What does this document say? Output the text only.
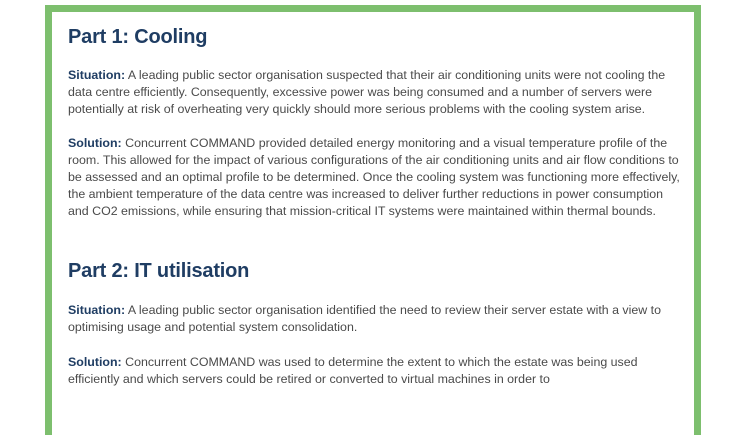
Part 1: Cooling

Situation: A leading public sector organisation suspected that their air conditioning units were not cooling the data centre efficiently. Consequently, excessive power was being consumed and a number of servers were potentially at risk of overheating very quickly should more serious problems with the cooling system arise.

Solution: Concurrent COMMAND provided detailed energy monitoring and a visual temperature profile of the room. This allowed for the impact of various configurations of the air conditioning units and air flow conditions to be assessed and an optimal profile to be determined. Once the cooling system was functioning more effectively, the ambient temperature of the data centre was increased to deliver further reductions in power consumption and CO2 emissions, while ensuring that mission-critical IT systems were maintained within thermal bounds.

Part 2: IT utilisation

Situation: A leading public sector organisation identified the need to review their server estate with a view to optimising usage and potential system consolidation.

Solution: Concurrent COMMAND was used to determine the extent to which the estate was being used efficiently and which servers could be retired or converted to virtual machines in order to
